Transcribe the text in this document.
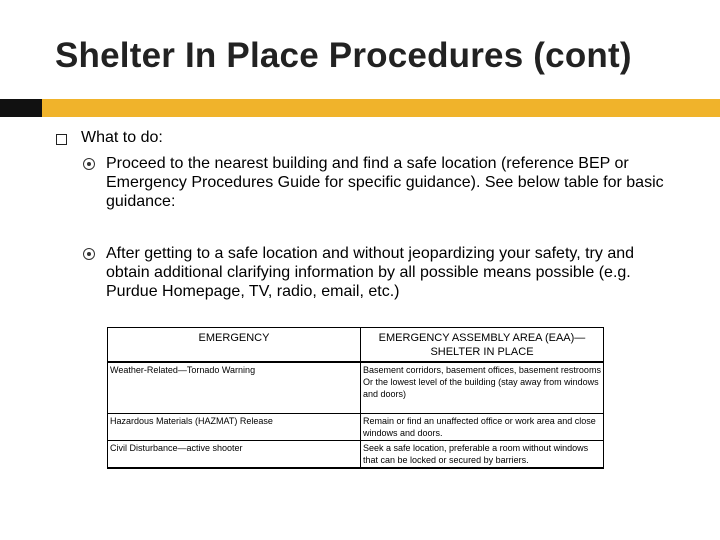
Shelter In Place Procedures (cont)
What to do:
Proceed to the nearest building and find a safe location (reference BEP or Emergency Procedures Guide for specific guidance). See below table for basic guidance:
After getting to a safe location and without jeopardizing your safety, try and obtain additional clarifying information by all possible means possible (e.g. Purdue Homepage, TV, radio, email, etc.)
EMERGENCY	EMERGENCY ASSEMBLY AREA (EAA)—SHELTER IN PLACE
Weather-Related—Tornado Warning	Basement corridors, basement offices, basement restrooms
Or the lowest level of the building (stay away from windows and doors)

Hazardous Materials (HAZMAT) Release	Remain or find an unaffected office or work area and close windows and doors.
Civil Disturbance—active shooter	Seek a safe location, preferable a room without windows that can be locked or secured by barriers.
